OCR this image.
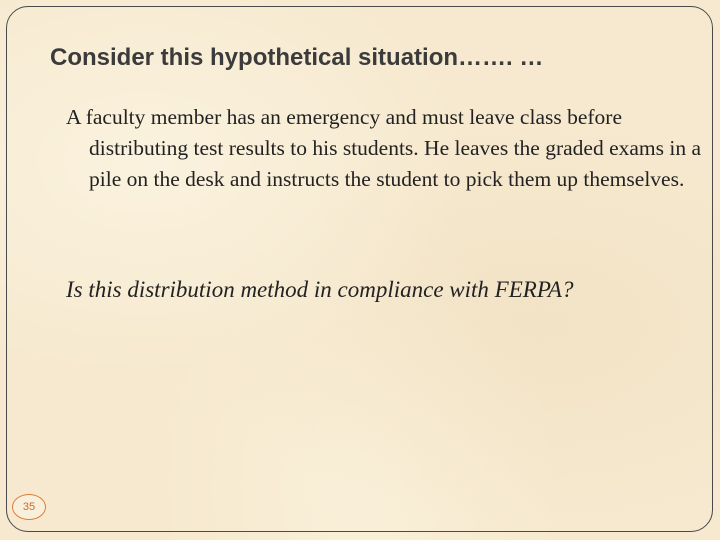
Consider this hypothetical situation……. …

A faculty member has an emergency and must leave class before distributing test results to his students. He leaves the graded exams in a pile on the desk and instructs the student to pick them up themselves.

Is this distribution method in compliance with FERPA?

35
